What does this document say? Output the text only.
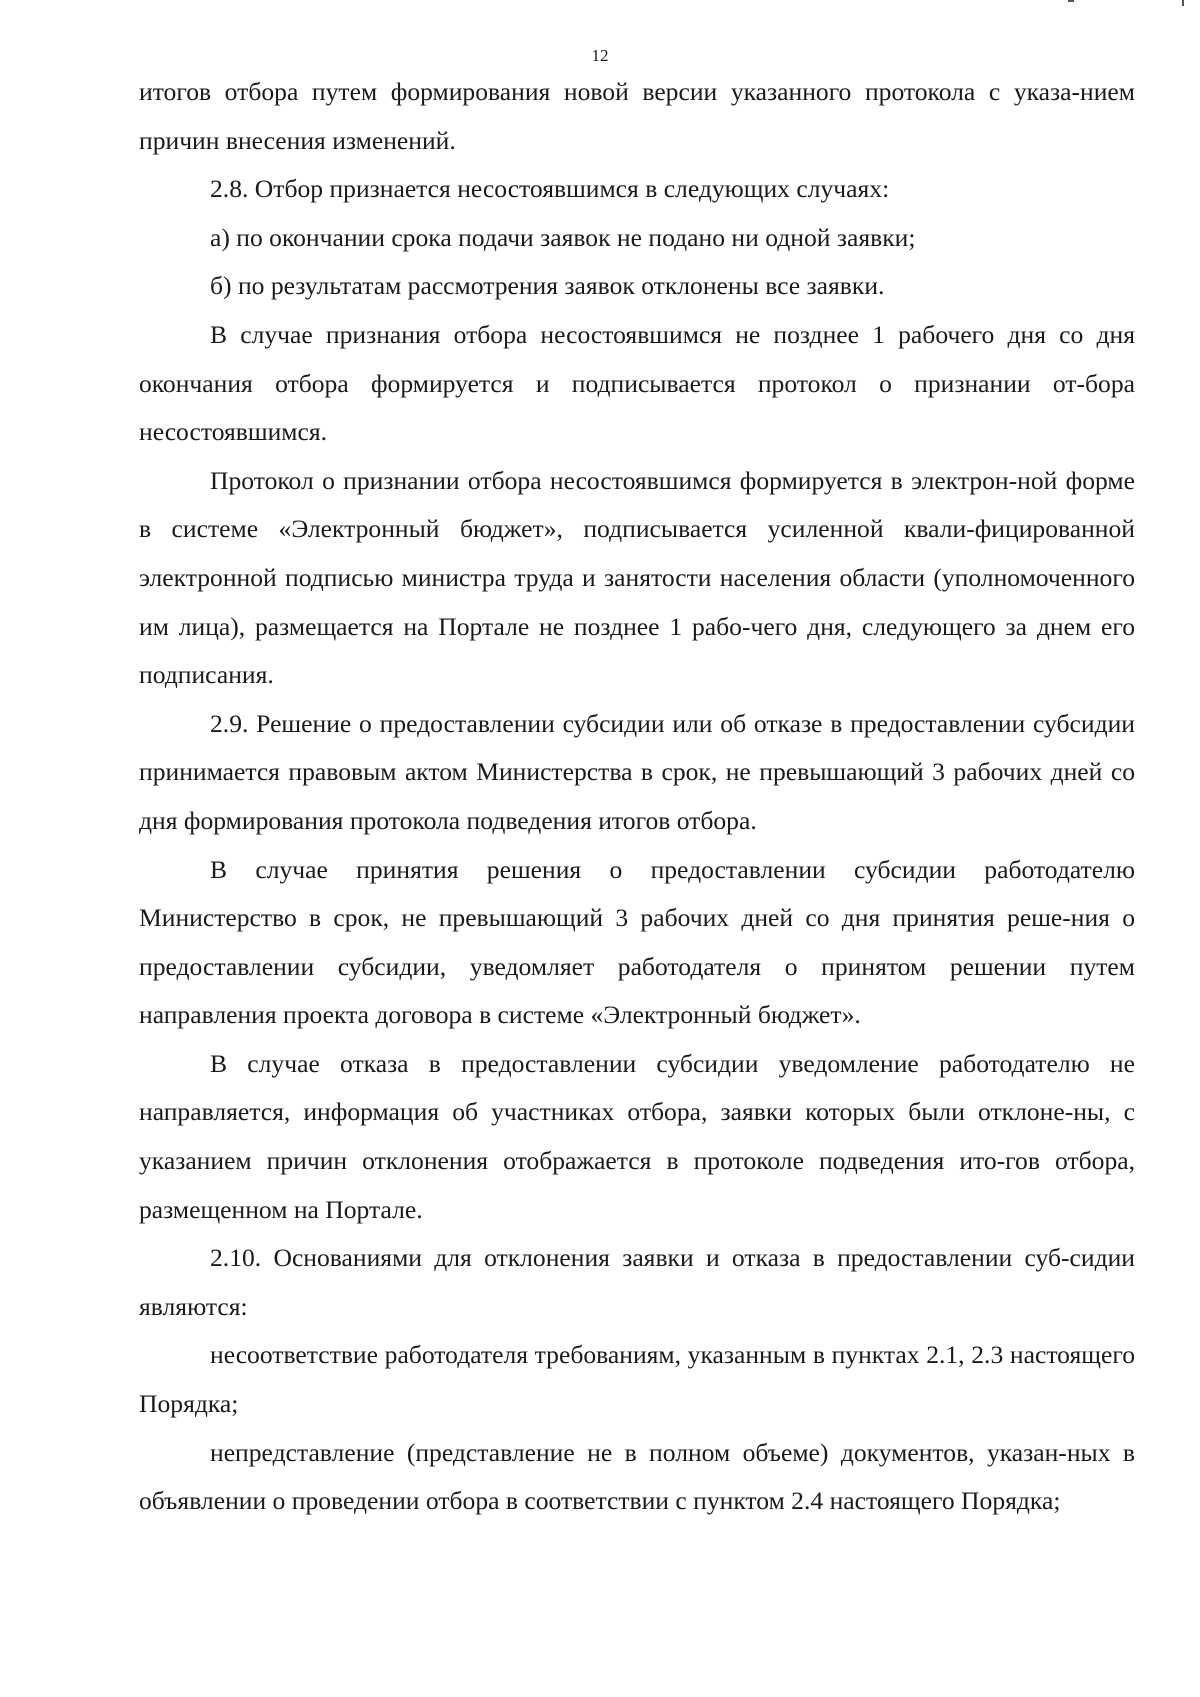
12

итогов отбора путем формирования новой версии указанного протокола с указа-нием причин внесения изменений.

2.8. Отбор признается несостоявшимся в следующих случаях:

а) по окончании срока подачи заявок не подано ни одной заявки;

б) по результатам рассмотрения заявок отклонены все заявки.

В случае признания отбора несостоявшимся не позднее 1 рабочего дня со дня окончания отбора формируется и подписывается протокол о признании от-бора несостоявшимся.

Протокол о признании отбора несостоявшимся формируется в электрон-ной форме в системе «Электронный бюджет», подписывается усиленной квали-фицированной электронной подписью министра труда и занятости населения области (уполномоченного им лица), размещается на Портале не позднее 1 рабо-чего дня, следующего за днем его подписания.

2.9. Решение о предоставлении субсидии или об отказе в предоставлении субсидии принимается правовым актом Министерства в срок, не превышающий 3 рабочих дней со дня формирования протокола подведения итогов отбора.

В случае принятия решения о предоставлении субсидии работодателю Министерство в срок, не превышающий 3 рабочих дней со дня принятия реше-ния о предоставлении субсидии, уведомляет работодателя о принятом решении путем направления проекта договора в системе «Электронный бюджет».

В случае отказа в предоставлении субсидии уведомление работодателю не направляется, информация об участниках отбора, заявки которых были отклоне-ны, с указанием причин отклонения отображается в протоколе подведения ито-гов отбора, размещенном на Портале.

2.10. Основаниями для отклонения заявки и отказа в предоставлении суб-сидии являются:

несоответствие работодателя требованиям, указанным в пунктах 2.1, 2.3 настоящего Порядка;

непредставление (представление не в полном объеме) документов, указан-ных в объявлении о проведении отбора в соответствии с пунктом 2.4 настоящего Порядка;
